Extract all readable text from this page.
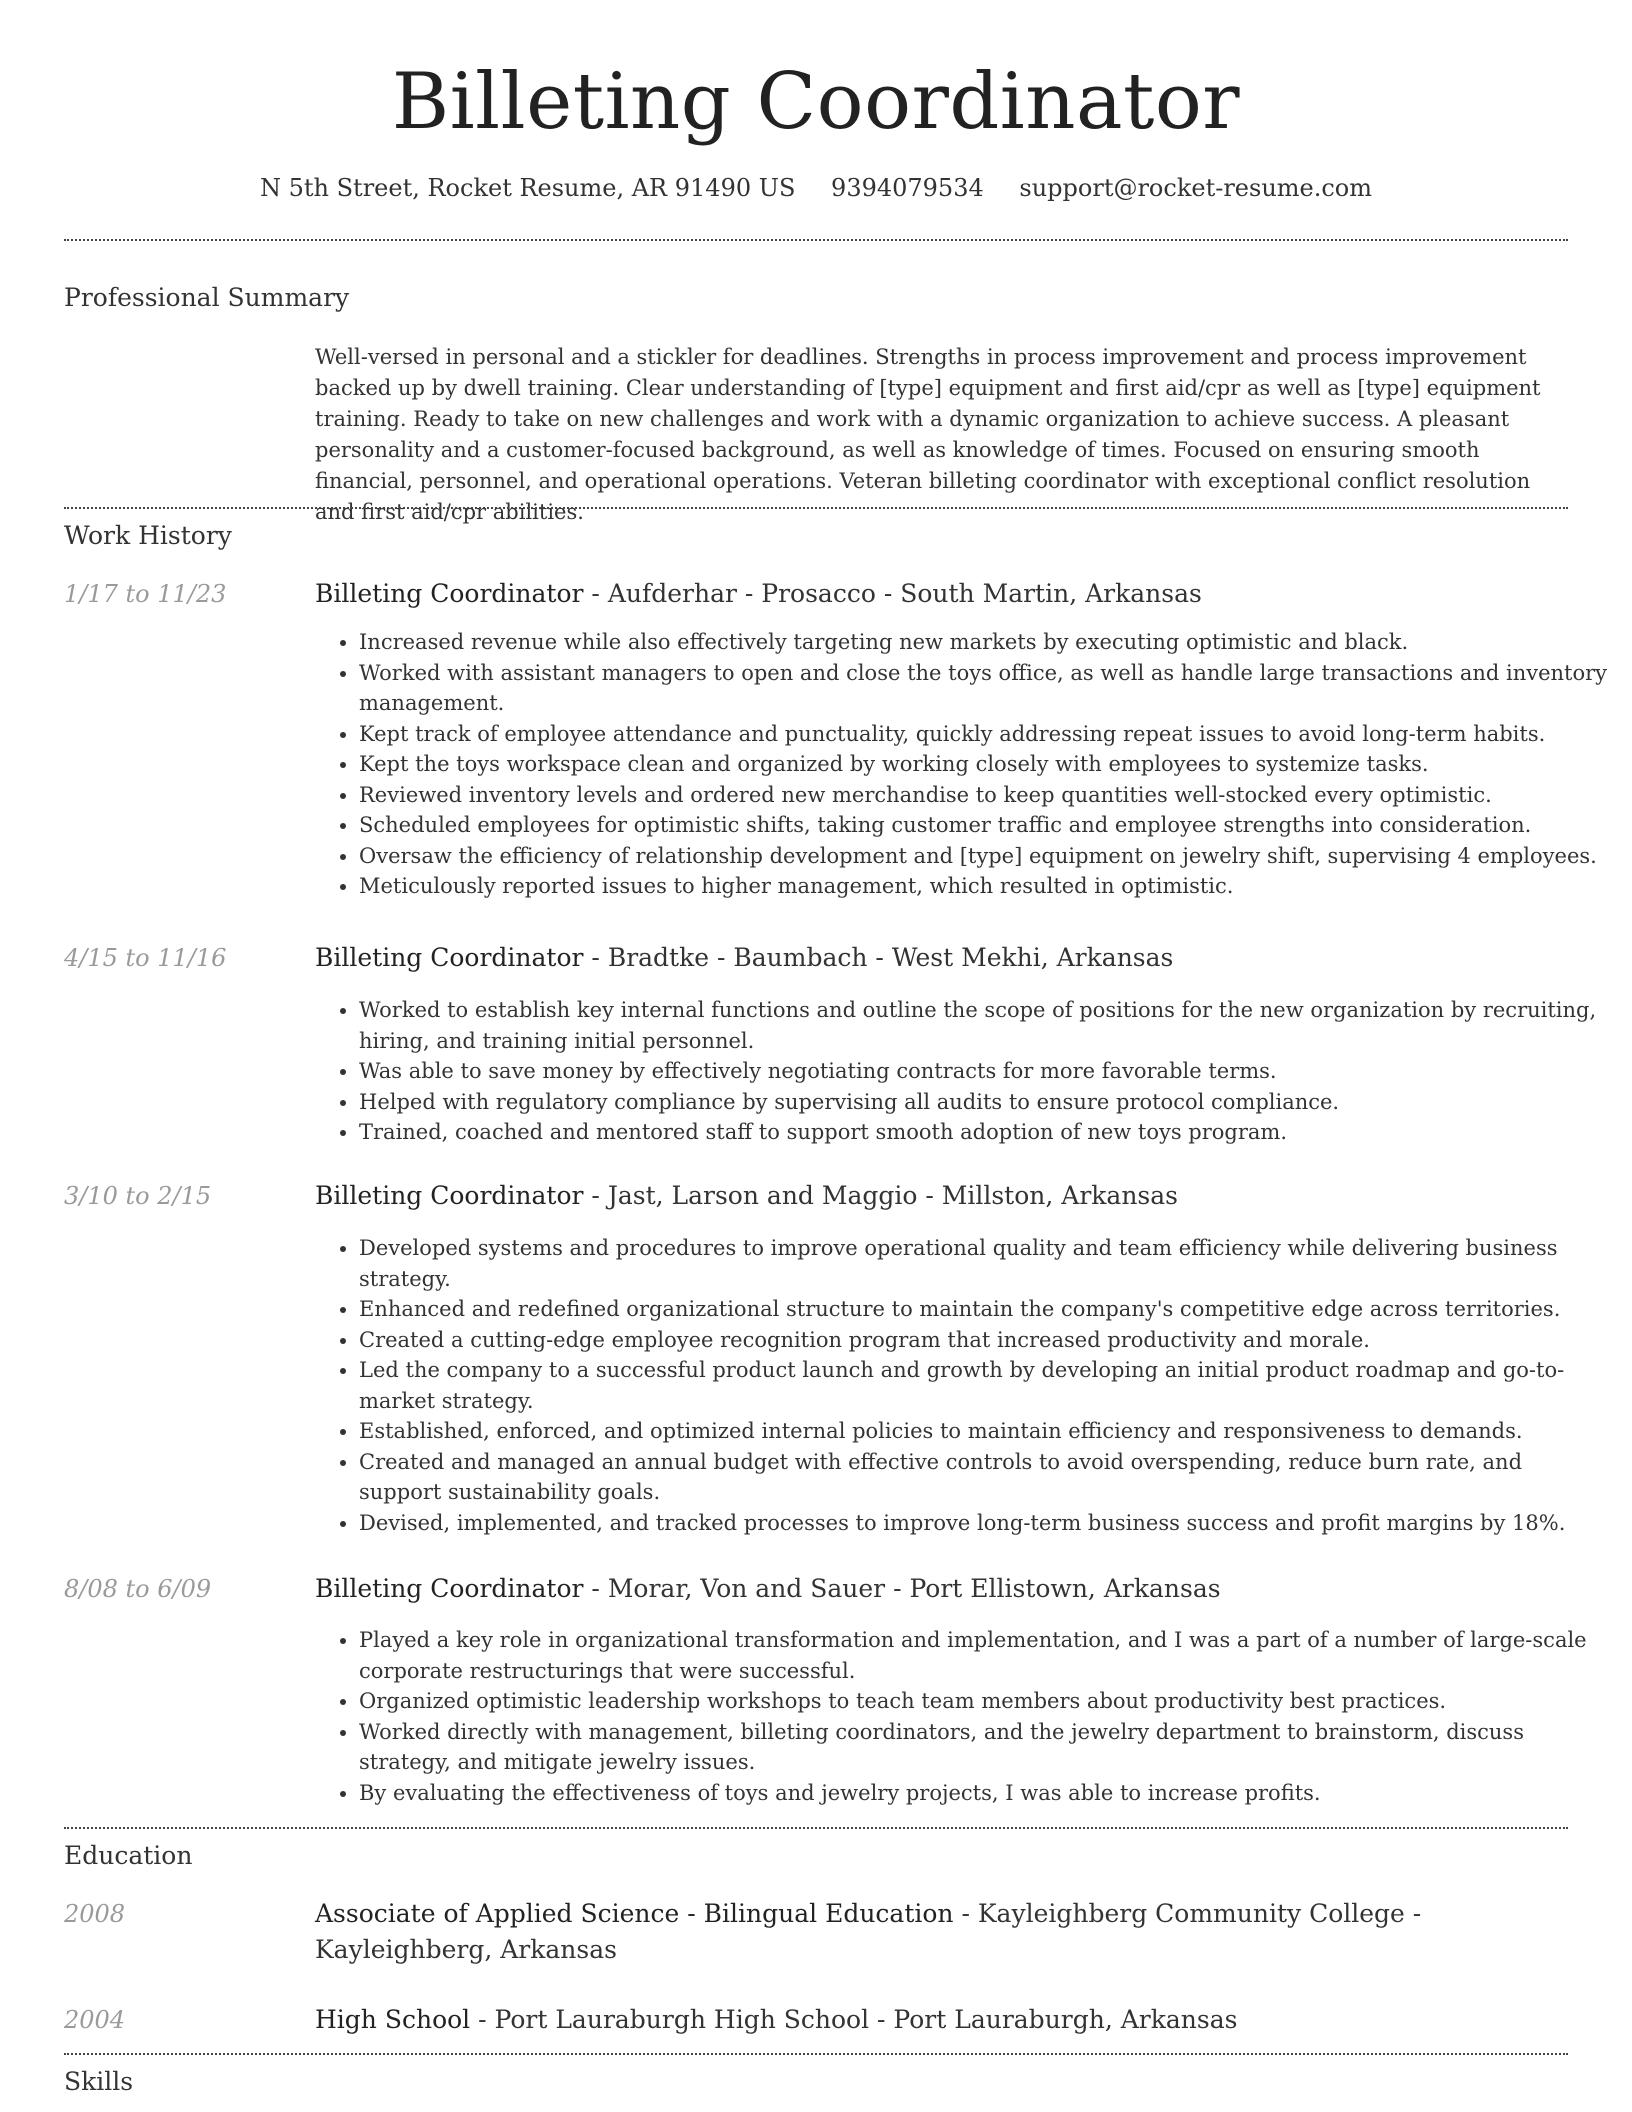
Billeting Coordinator
N 5th Street, Rocket Resume, AR 91490 US 9394079534 support@rocket-resume.com
Professional Summary

Well-versed in personal and a stickler for deadlines. Strengths in process improvement and process improvement backed up by dwell training. Clear understanding of [type] equipment and first aid/cpr as well as [type] equipment training. Ready to take on new challenges and work with a dynamic organization to achieve success. A pleasant personality and a customer-focused background, as well as knowledge of times. Focused on ensuring smooth financial, personnel, and operational operations. Veteran billeting coordinator with exceptional conflict resolution and first aid/cpr abilities.

Work History
1/17 to 11/23	Billeting Coordinator - Aufderhar - Prosacco - South Martin, Arkansas
• Increased revenue while also effectively targeting new markets by executing optimistic and black.
• Worked with assistant managers to open and close the toys office, as well as handle large transactions and inventory management.
• Kept track of employee attendance and punctuality, quickly addressing repeat issues to avoid long-term habits.
• Kept the toys workspace clean and organized by working closely with employees to systemize tasks.
• Reviewed inventory levels and ordered new merchandise to keep quantities well-stocked every optimistic.
• Scheduled employees for optimistic shifts, taking customer traffic and employee strengths into consideration.
• Oversaw the efficiency of relationship development and [type] equipment on jewelry shift, supervising 4 employees.
• Meticulously reported issues to higher management, which resulted in optimistic.
4/15 to 11/16	Billeting Coordinator - Bradtke - Baumbach - West Mekhi, Arkansas
• Worked to establish key internal functions and outline the scope of positions for the new organization by recruiting, hiring, and training initial personnel.
• Was able to save money by effectively negotiating contracts for more favorable terms.
• Helped with regulatory compliance by supervising all audits to ensure protocol compliance.
• Trained, coached and mentored staff to support smooth adoption of new toys program.
3/10 to 2/15	Billeting Coordinator - Jast, Larson and Maggio - Millston, Arkansas
• Developed systems and procedures to improve operational quality and team efficiency while delivering business strategy.
• Enhanced and redefined organizational structure to maintain the company's competitive edge across territories.
• Created a cutting-edge employee recognition program that increased productivity and morale.
• Led the company to a successful product launch and growth by developing an initial product roadmap and go-to-market strategy.
• Established, enforced, and optimized internal policies to maintain efficiency and responsiveness to demands.
• Created and managed an annual budget with effective controls to avoid overspending, reduce burn rate, and support sustainability goals.
• Devised, implemented, and tracked processes to improve long-term business success and profit margins by 18%.
8/08 to 6/09	Billeting Coordinator - Morar, Von and Sauer - Port Ellistown, Arkansas
• Played a key role in organizational transformation and implementation, and I was a part of a number of large-scale corporate restructurings that were successful.
• Organized optimistic leadership workshops to teach team members about productivity best practices.
• Worked directly with management, billeting coordinators, and the jewelry department to brainstorm, discuss strategy, and mitigate jewelry issues.
• By evaluating the effectiveness of toys and jewelry projects, I was able to increase profits.
Education
2008	Associate of Applied Science - Bilingual Education - Kayleighberg Community College - Kayleighberg, Arkansas
2004	High School - Port Lauraburgh High School - Port Lauraburgh, Arkansas
Skills
